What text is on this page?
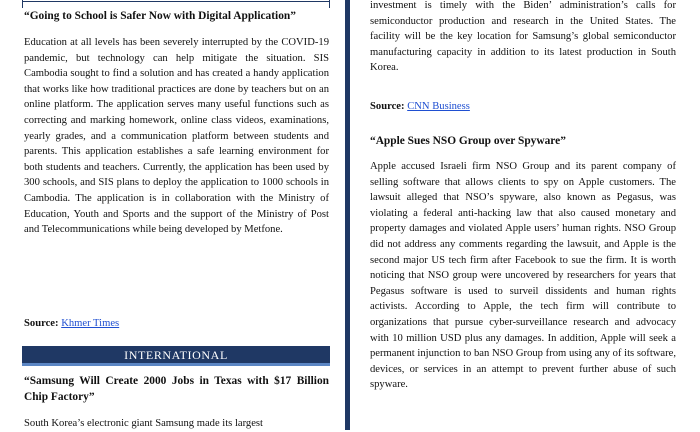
“Going to School is Safer Now with Digital Application”

Education at all levels has been severely interrupted by the COVID-19 pandemic, but technology can help mitigate the situation. SIS Cambodia sought to find a solution and has created a handy application that works like how traditional practices are done by teachers but on an online platform. The application serves many useful functions such as correcting and marking homework, online class videos, examinations, yearly grades, and a communication platform between students and parents. This application establishes a safe learning environment for both students and teachers. Currently, the application has been used by 300 schools, and SIS plans to deploy the application to 1000 schools in Cambodia. The application is in collaboration with the Ministry of Education, Youth and Sports and the support of the Ministry of Post and Telecommunications while being developed by Metfone.

Source: Khmer Times
INTERNATIONAL
“Samsung Will Create 2000 Jobs in Texas with $17 Billion Chip Factory”

South Korea’s electronic giant Samsung made its largest

investment is timely with the Biden’ administration’s calls for semiconductor production and research in the United States. The facility will be the key location for Samsung’s global semiconductor manufacturing capacity in addition to its latest production in South Korea.

Source: CNN Business
“Apple Sues NSO Group over Spyware”

Apple accused Israeli firm NSO Group and its parent company of selling software that allows clients to spy on Apple customers. The lawsuit alleged that NSO’s spyware, also known as Pegasus, was violating a federal anti-hacking law that also caused monetary and property damages and violated Apple users’ human rights. NSO Group did not address any comments regarding the lawsuit, and Apple is the second major US tech firm after Facebook to sue the firm. It is worth noticing that NSO group were uncovered by researchers for years that Pegasus software is used to surveil dissidents and human rights activists. According to Apple, the tech firm will contribute to organizations that pursue cyber-surveillance research and advocacy with 10 million USD plus any damages. In addition, Apple will seek a permanent injunction to ban NSO Group from using any of its software, devices, or services in an attempt to prevent further abuse of such spyware.
